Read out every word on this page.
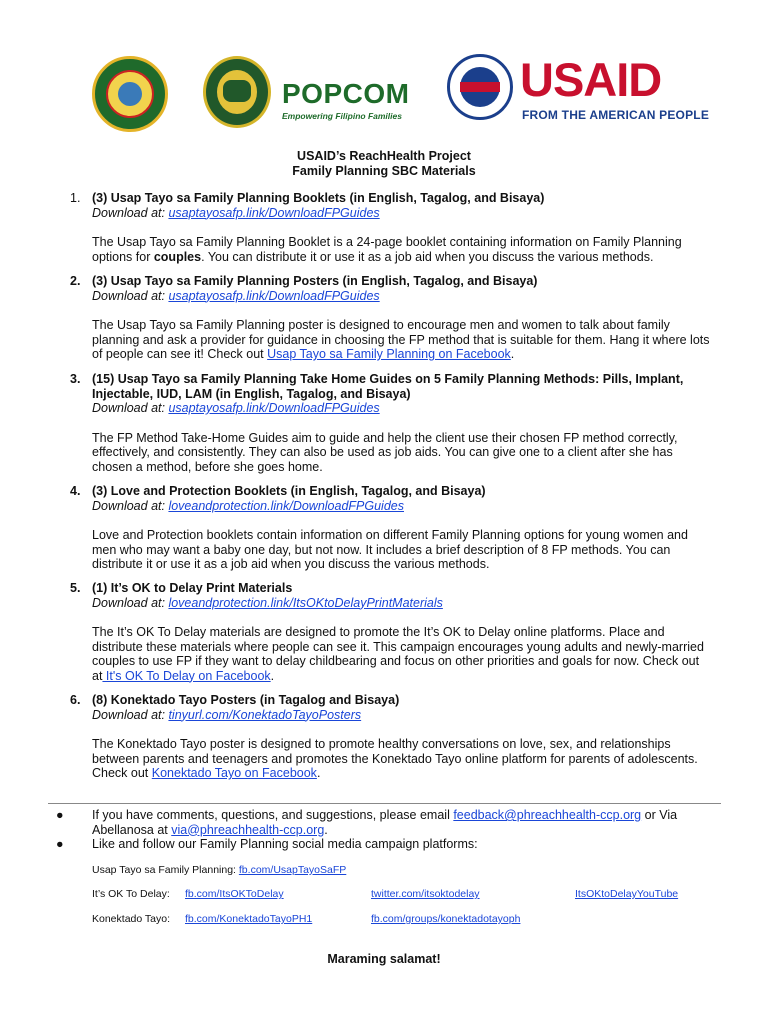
POPCOM
Empowering Filipino Families
USAID
FROM THE AMERICAN PEOPLE
USAID’s ReachHealth Project
Family Planning SBC Materials
1. (3) Usap Tayo sa Family Planning Booklets (in English, Tagalog, and Bisaya)
Download at: usaptayosafp.link/DownloadFPGuides
The Usap Tayo sa Family Planning Booklet is a 24-page booklet containing information on Family Planning options for couples. You can distribute it or use it as a job aid when you discuss the various methods.
2. (3) Usap Tayo sa Family Planning Posters (in English, Tagalog, and Bisaya)
Download at: usaptayosafp.link/DownloadFPGuides
The Usap Tayo sa Family Planning poster is designed to encourage men and women to talk about family planning and ask a provider for guidance in choosing the FP method that is suitable for them. Hang it where lots of people can see it! Check out Usap Tayo sa Family Planning on Facebook.
3. (15) Usap Tayo sa Family Planning Take Home Guides on 5 Family Planning Methods: Pills, Implant, Injectable, IUD, LAM (in English, Tagalog, and Bisaya)
Download at: usaptayosafp.link/DownloadFPGuides
The FP Method Take-Home Guides aim to guide and help the client use their chosen FP method correctly, effectively, and consistently. They can also be used as job aids. You can give one to a client after she has chosen a method, before she goes home.
4. (3) Love and Protection Booklets (in English, Tagalog, and Bisaya)
Download at: loveandprotection.link/DownloadFPGuides
Love and Protection booklets contain information on different Family Planning options for young women and men who may want a baby one day, but not now. It includes a brief description of 8 FP methods. You can distribute it or use it as a job aid when you discuss the various methods.
5. (1) It’s OK to Delay Print Materials
Download at: loveandprotection.link/ItsOKtoDelayPrintMaterials
The It’s OK To Delay materials are designed to promote the It’s OK to Delay online platforms. Place and distribute these materials where people can see it. This campaign encourages young adults and newly-married couples to use FP if they want to delay childbearing and focus on other priorities and goals for now. Check out at It's OK To Delay on Facebook.
6. (8) Konektado Tayo Posters (in Tagalog and Bisaya)
Download at: tinyurl.com/KonektadoTayoPosters
The Konektado Tayo poster is designed to promote healthy conversations on love, sex, and relationships between parents and teenagers and promotes the Konektado Tayo online platform for parents of adolescents. Check out Konektado Tayo on Facebook.
● If you have comments, questions, and suggestions, please email feedback@phreachhealth-ccp.org or Via Abellanosa at via@phreachhealth-ccp.org.
● Like and follow our Family Planning social media campaign platforms:
Usap Tayo sa Family Planning: fb.com/UsapTayoSaFP
It’s OK To Delay: fb.com/ItsOKToDelay	twitter.com/itsoktodelay	ItsOKtoDelayYouTube
Konektado Tayo: fb.com/KonektadoTayoPH1	fb.com/groups/konektadotayoph
Maraming salamat!
